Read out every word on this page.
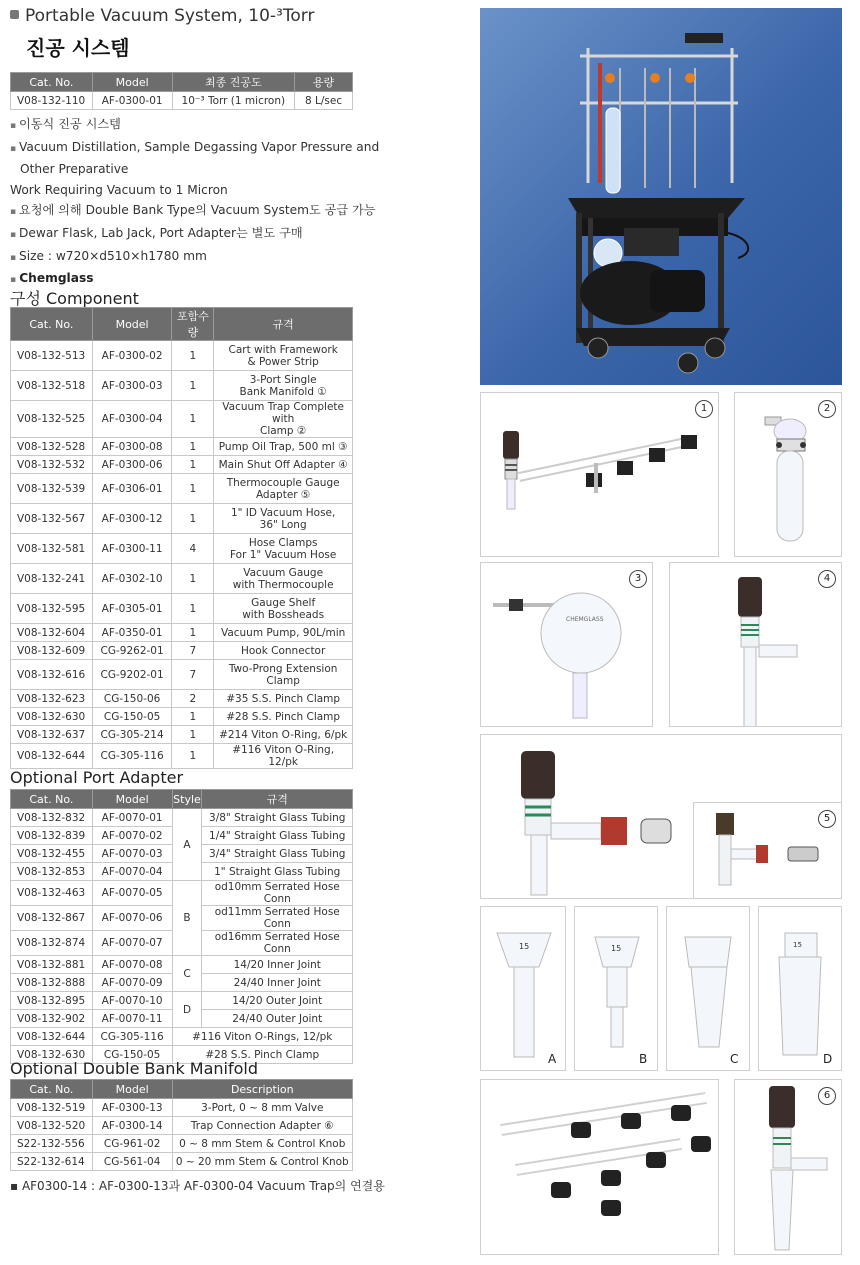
Portable Vacuum System, 10-³Torr
진공 시스템
Cat. No.	Model	최종 진공도	용량
V08-132-110	AF-0300-01	10⁻³ Torr (1 micron)	8 L/sec
▪ 이동식 진공 시스템
▪ Vacuum Distillation, Sample Degassing Vapor Pressure and
Other Preparative
Work Requiring Vacuum to 1 Micron
▪ 요청에 의해 Double Bank Type의 Vacuum System도 공급 가능
▪ Dewar Flask, Lab Jack, Port Adapter는 별도 구매
▪ Size : w720×d510×h1780 mm
▪ Chemglass
구성 Component
Cat. No.	Model	포함수량	규격
V08-132-513	AF-0300-02	1	Cart with Framework
& Power Strip
V08-132-518	AF-0300-03	1	3-Port Single
Bank Manifold ①
V08-132-525	AF-0300-04	1	Vacuum Trap Complete with
Clamp ②
V08-132-528	AF-0300-08	1	Pump Oil Trap, 500 ml ③
V08-132-532	AF-0300-06	1	Main Shut Off Adapter ④
V08-132-539	AF-0306-01	1	Thermocouple Gauge
Adapter ⑤
V08-132-567	AF-0300-12	1	1" ID Vacuum Hose,
36" Long
V08-132-581	AF-0300-11	4	Hose Clamps
For 1" Vacuum Hose
V08-132-241	AF-0302-10	1	Vacuum Gauge
with Thermocouple
V08-132-595	AF-0305-01	1	Gauge Shelf
with Bossheads
V08-132-604	AF-0350-01	1	Vacuum Pump, 90L/min
V08-132-609	CG-9262-01	7	Hook Connector
V08-132-616	CG-9202-01	7	Two-Prong Extension
Clamp
V08-132-623	CG-150-06	2	#35 S.S. Pinch Clamp
V08-132-630	CG-150-05	1	#28 S.S. Pinch Clamp
V08-132-637	CG-305-214	1	#214 Viton O-Ring, 6/pk
V08-132-644	CG-305-116	1	#116 Viton O-Ring, 12/pk
Optional Port Adapter
Cat. No.	Model	Style	규격
V08-132-832	AF-0070-01	A	3/8" Straight Glass Tubing
V08-132-839	AF-0070-02		1/4" Straight Glass Tubing
V08-132-455	AF-0070-03		3/4" Straight Glass Tubing
V08-132-853	AF-0070-04		1" Straight Glass Tubing
V08-132-463	AF-0070-05	B	od10mm Serrated Hose Conn
V08-132-867	AF-0070-06		od11mm Serrated Hose Conn
V08-132-874	AF-0070-07		od16mm Serrated Hose Conn
V08-132-881	AF-0070-08	C	14/20 Inner Joint
V08-132-888	AF-0070-09		24/40 Inner Joint
V08-132-895	AF-0070-10	D	14/20 Outer Joint
V08-132-902	AF-0070-11		24/40 Outer Joint
V08-132-644	CG-305-116	#116 Viton O-Rings, 12/pk	
V08-132-630	CG-150-05	#28 S.S. Pinch Clamp	
Optional Double Bank Manifold
Cat. No.	Model	Description
V08-132-519	AF-0300-13	3-Port, 0 ~ 8 mm Valve
V08-132-520	AF-0300-14	Trap Connection Adapter ⑥
S22-132-556	CG-961-02	0 ~ 8 mm Stem & Control Knob
S22-132-614	CG-561-04	0 ~ 20 mm Stem & Control Knob
▪ AF0300-14 : AF-0300-13과 AF-0300-04 Vacuum Trap의 연결용
1	2
3
CHEMGLASS
4
5
15
A
15
B	C
15
D
6
